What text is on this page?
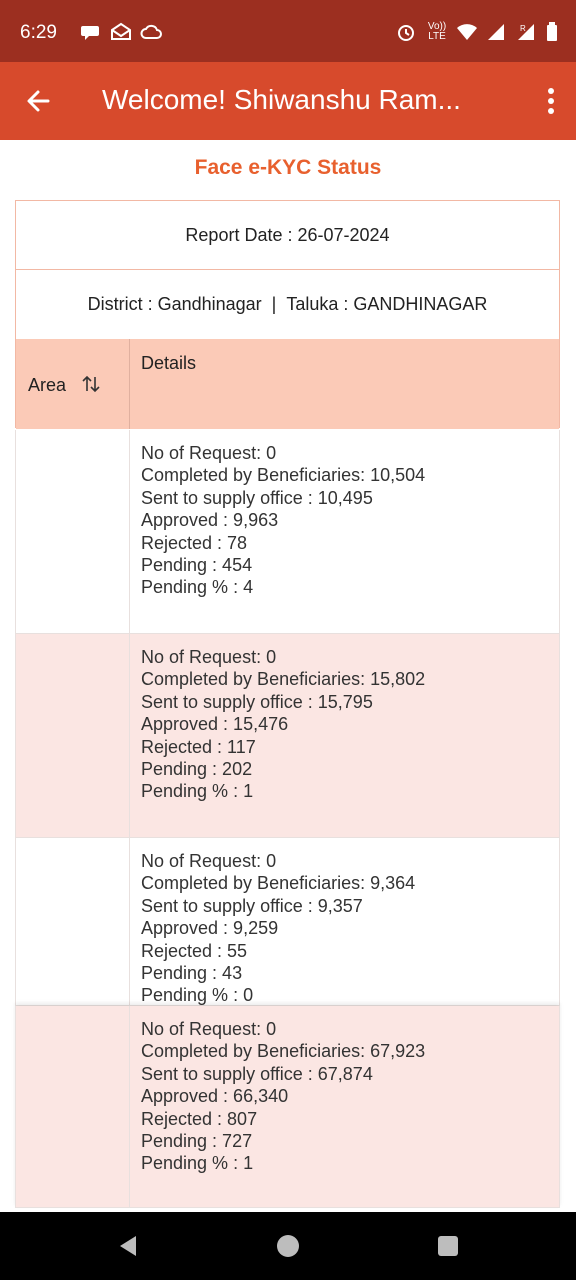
6:29	Vo)) LTE
R
Welcome! Shiwanshu Ram...
Face e-KYC Status
Report Date : 26-07-2024
District : Gandhinagar | Taluka : GANDHINAGAR
Area
Details
No of Request: 0
Completed by Beneficiaries: 10,504
Sent to supply office : 10,495
Approved : 9,963
Rejected : 78
Pending : 454
Pending % : 4
No of Request: 0
Completed by Beneficiaries: 15,802
Sent to supply office : 15,795
Approved : 15,476
Rejected : 117
Pending : 202
Pending % : 1
No of Request: 0
Completed by Beneficiaries: 9,364
Sent to supply office : 9,357
Approved : 9,259
Rejected : 55
Pending : 43
Pending % : 0
No of Request: 0
Completed by Beneficiaries: 67,923
Sent to supply office : 67,874
Approved : 66,340
Rejected : 807
Pending : 727
Pending % : 1
